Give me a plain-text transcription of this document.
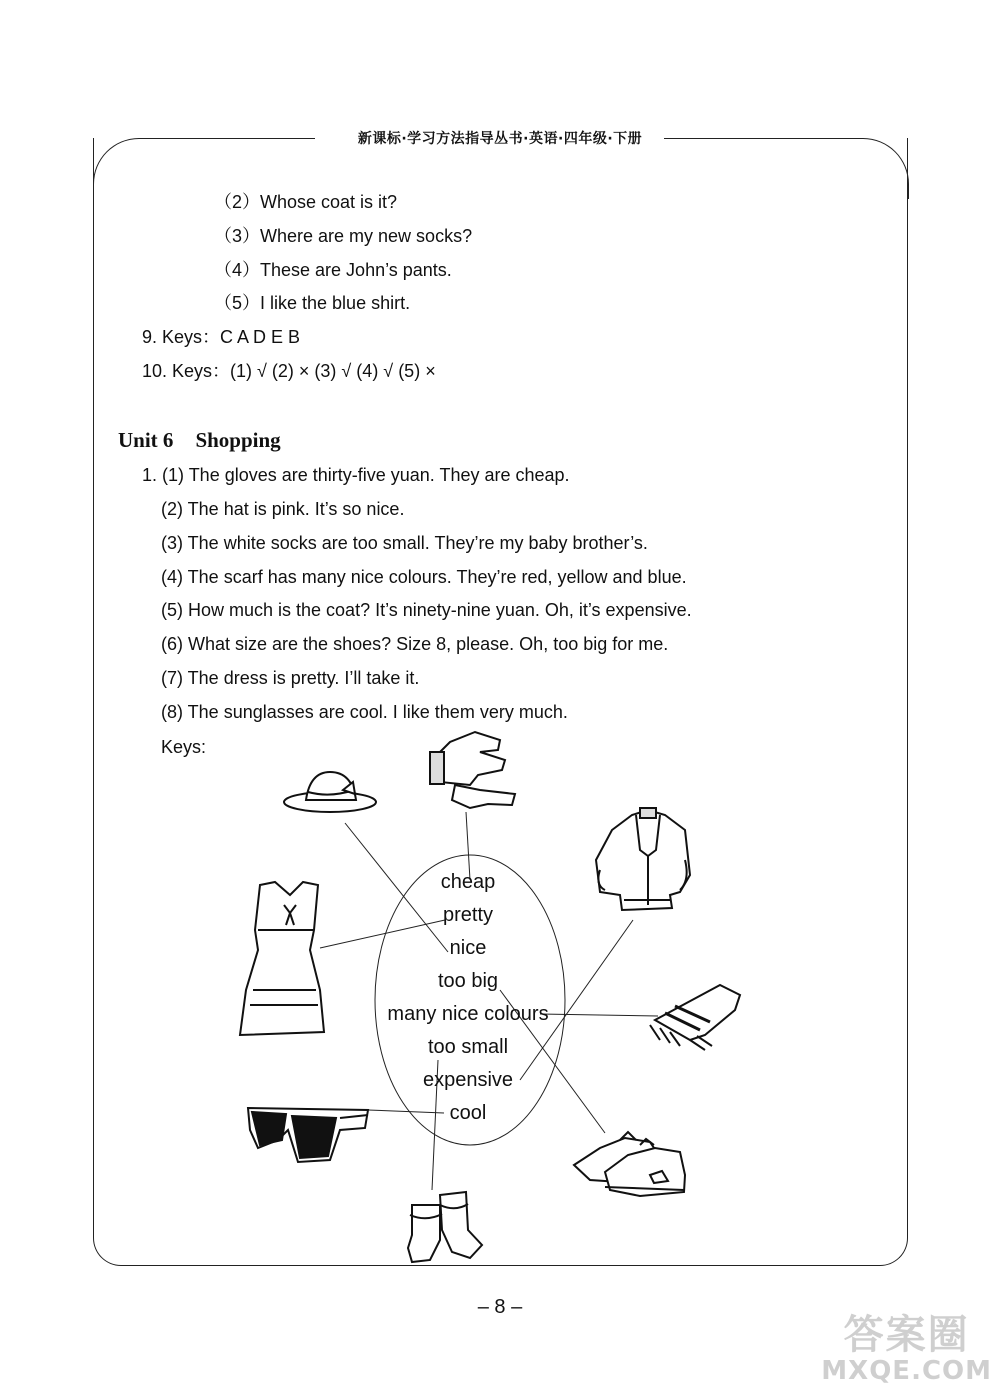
新课标·学习方法指导丛书·英语·四年级·下册
（2）Whose coat is it?
（3）Where are my new socks?
（4）These are John’s pants.
（5）I like the blue shirt.
9. Keys：C A D E B
10. Keys：(1) √ (2) × (3) √ (4) √ (5) ×
Unit 6 Shopping
1. (1) The gloves are thirty-five yuan. They are cheap.
(2) The hat is pink. It’s so nice.
(3) The white socks are too small. They’re my baby brother’s.
(4) The scarf has many nice colours. They’re red, yellow and blue.
(5) How much is the coat? It’s ninety-nine yuan. Oh, it’s expensive.
(6) What size are the shoes? Size 8, please. Oh, too big for me.
(7) The dress is pretty. I’ll take it.
(8) The sunglasses are cool. I like them very much.
Keys:
cheap
pretty
nice
too big
many nice colours
too small
expensive
cool
– 8 –
答案圈
MXQE.COM
